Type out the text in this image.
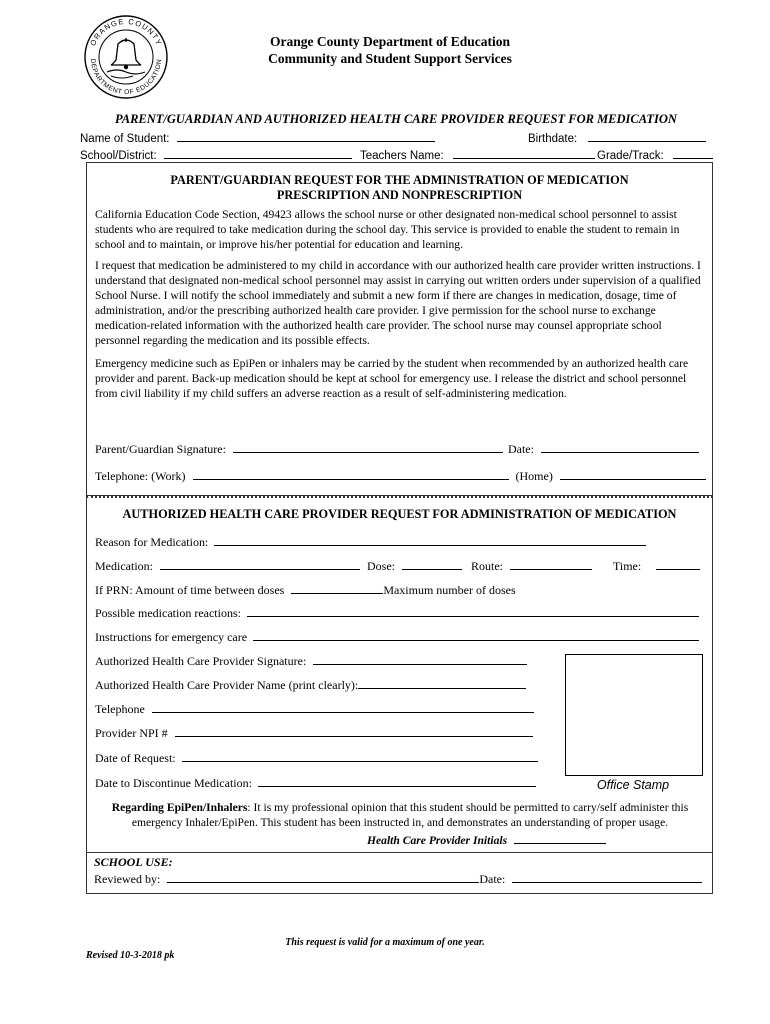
ORANGE COUNTY
DEPARTMENT OF EDUCATION
Orange County Department of Education
Community and Student Support Services
PARENT/GUARDIAN AND AUTHORIZED HEALTH CARE PROVIDER REQUEST FOR MEDICATION
Name of Student:	Birthdate:
School/District:	Teachers Name:	Grade/Track:
PARENT/GUARDIAN REQUEST FOR THE ADMINISTRATION OF MEDICATION
PRESCRIPTION AND NONPRESCRIPTION

California Education Code Section, 49423 allows the school nurse or other designated non-medical school personnel to assist students who are required to take medication during the school day. This service is provided to enable the student to remain in school and to maintain, or improve his/her potential for education and learning.

I request that medication be administered to my child in accordance with our authorized health care provider written instructions. I understand that designated non-medical school personnel may assist in carrying out written orders under supervision of a qualified School Nurse. I will notify the school immediately and submit a new form if there are changes in medication, dosage, time of administration, and/or the prescribing authorized health care provider. I give permission for the school nurse to exchange medication-related information with the authorized health care provider. The school nurse may counsel appropriate school personnel regarding the medication and its possible effects.

Emergency medicine such as EpiPen or inhalers may be carried by the student when recommended by an authorized health care provider and parent. Back-up medication should be kept at school for emergency use. I release the district and school personnel from civil liability if my child suffers an adverse reaction as a result of self-administering medication.

Parent/Guardian Signature:	Date:
Telephone: (Work)	(Home)
AUTHORIZED HEALTH CARE PROVIDER REQUEST FOR ADMINISTRATION OF MEDICATION
Reason for Medication:
Medication:	Dose:	Route:	Time:
If PRN: Amount of time between doses	Maximum number of doses
Possible medication reactions:
Instructions for emergency care
Authorized Health Care Provider Signature:
Authorized Health Care Provider Name (print clearly):
Telephone
Provider NPI #
Date of Request:
Date to Discontinue Medication:	Office Stamp
Regarding EpiPen/Inhalers: It is my professional opinion that this student should be permitted to carry/self administer this emergency Inhaler/EpiPen. This student has been instructed in, and demonstrates an understanding of proper usage.
Health Care Provider Initials
SCHOOL USE:
Reviewed by:	Date:
This request is valid for a maximum of one year.
Revised 10-3-2018 pk
